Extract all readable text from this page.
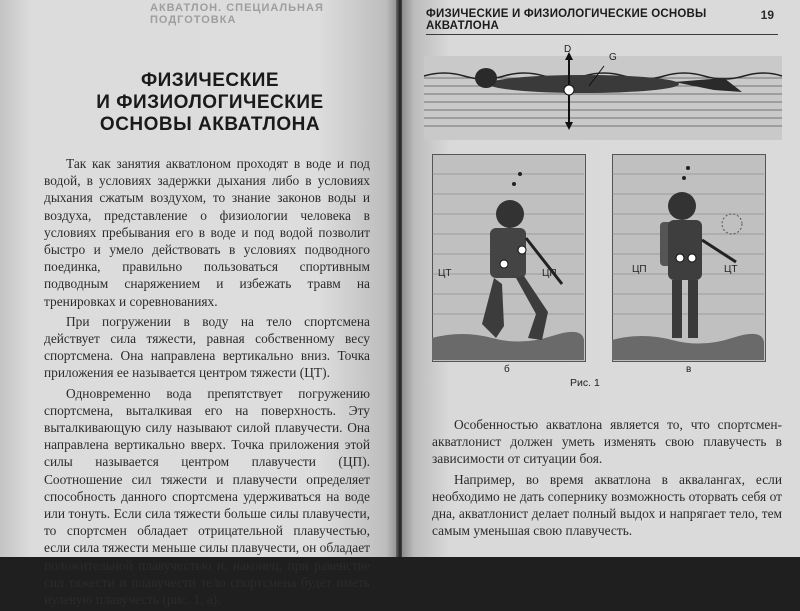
АКВАТЛОН. СПЕЦИАЛЬНАЯ ПОДГОТОВКА
ФИЗИЧЕСКИЕ
И ФИЗИОЛОГИЧЕСКИЕ
ОСНОВЫ АКВАТЛОНА

Так как занятия акватлоном проходят в воде и под водой, в условиях задержки дыхания либо в условиях дыхания сжатым воздухом, то знание законов воды и воздуха, представление о физиологии человека в условиях пребывания его в воде и под водой позволит быстро и умело действовать в условиях подводного поединка, правильно пользоваться спортивным подводным снаряжением и избежать травм на тренировках и соревнованиях.

При погружении в воду на тело спортсмена действует сила тяжести, равная собственному весу спортсмена. Она направлена вертикально вниз. Точка приложения ее называется центром тяжести (ЦТ).

Одновременно вода препятствует погружению спортсмена, выталкивая его на поверхность. Эту выталкивающую силу называют силой плавучести. Она направлена вертикально вверх. Точка приложения этой силы называется центром плавучести (ЦП). Соотношение сил тяжести и плавучести определяет способность данного спортсмена удерживаться на воде или тонуть. Если сила тяжести больше силы плавучести, то спортсмен обладает отрицательной плавучестью, если сила тяжести меньше силы плавучести, он обладает положительной плавучестью и, наконец, при равенстве сил тяжести и плавучести тело спортсмена будет иметь нулевую плавучесть (рис. 1, а).

ФИЗИЧЕСКИЕ И ФИЗИОЛОГИЧЕСКИЕ ОСНОВЫ АКВАТЛОНА
19
D
G
ЦТ	ЦП
б
ЦП	ЦТ
в
Рис. 1

Особенностью акватлона является то, что спортсмен-акватлонист должен уметь изменять свою плавучесть в зависимости от ситуации боя.

Например, во время акватлона в аквалангах, если необходимо не дать сопернику возможность оторвать себя от дна, акватлонист делает полный выдох и напрягает тело, тем самым уменьшая свою плавучесть.
